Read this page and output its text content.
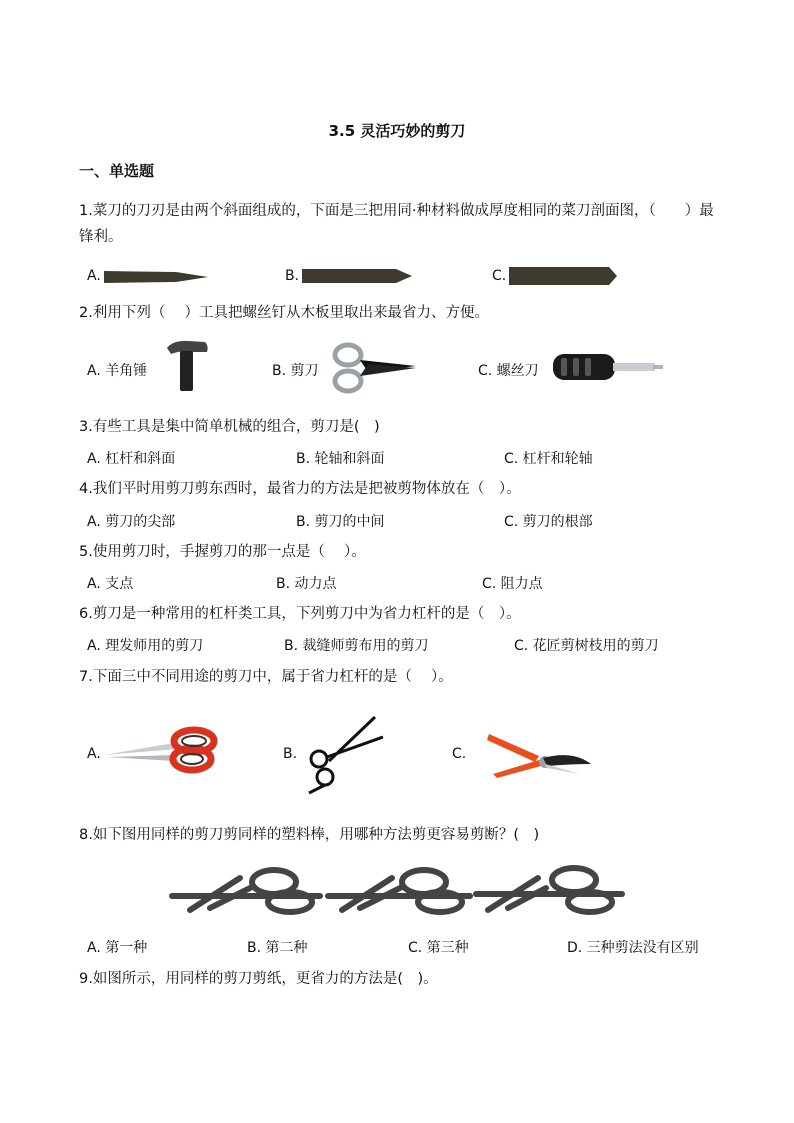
3.5 灵活巧妙的剪刀
一、单选题
1.菜刀的刀刃是由两个斜面组成的，下面是三把用同·种材料做成厚度相同的菜刀剖面图，（　　）最锋利。
A.	B.	C.
2.利用下列（　 ）工具把螺丝钉从木板里取出来最省力、方便。
A. 羊角锤	B. 剪刀	C. 螺丝刀
3.有些工具是集中简单机械的组合，剪刀是(　)
A. 杠杆和斜面	B. 轮轴和斜面	C. 杠杆和轮轴
4.我们平时用剪刀剪东西时，最省力的方法是把被剪物体放在（　）。
A. 剪刀的尖部	B. 剪刀的中间	C. 剪刀的根部
5.使用剪刀时，手握剪刀的那一点是（　 ）。
A. 支点	B. 动力点	C. 阻力点
6.剪刀是一种常用的杠杆类工具，下列剪刀中为省力杠杆的是（　）。
A. 理发师用的剪刀	B. 裁缝师剪布用的剪刀	C. 花匠剪树枝用的剪刀
7.下面三中不同用途的剪刀中，属于省力杠杆的是（　 ）。
A.	B.	C.
8.如下图用同样的剪刀剪同样的塑料棒，用哪种方法剪更容易剪断？(　)
A. 第一种	B. 第二种	C. 第三种	D. 三种剪法没有区别
9.如图所示，用同样的剪刀剪纸，更省力的方法是(　)。
